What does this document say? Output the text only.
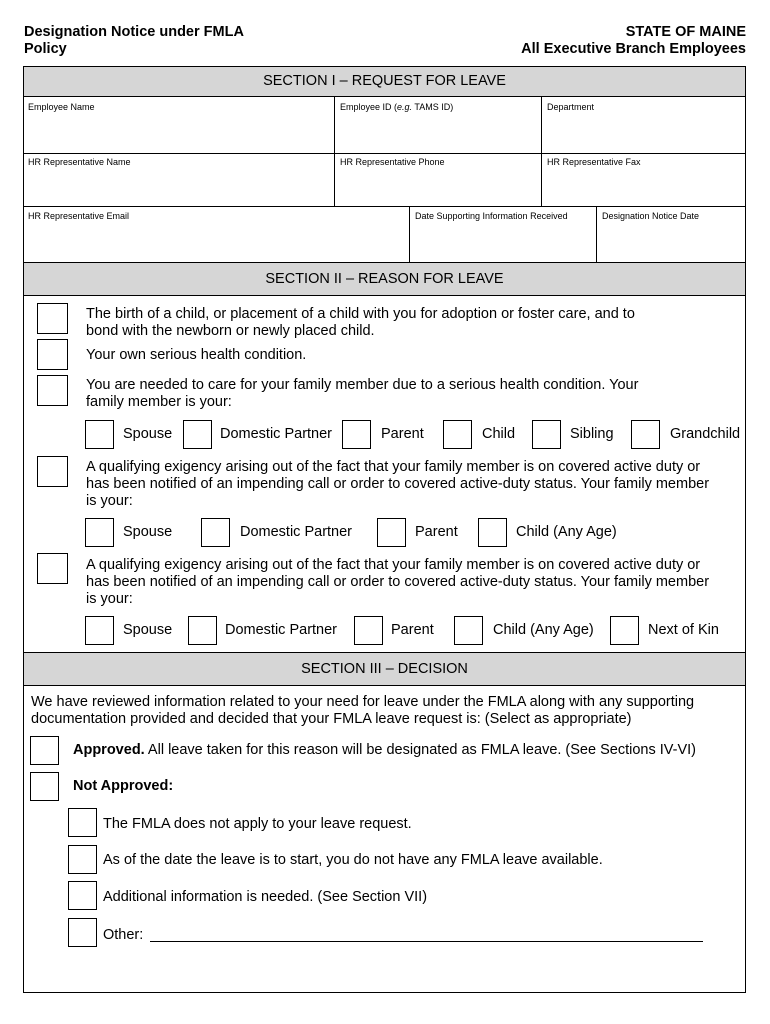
Designation Notice under FMLA
Policy
STATE OF MAINE
All Executive Branch Employees
SECTION I – REQUEST FOR LEAVE
Employee Name	Employee ID (e.g. TAMS ID)	Department
HR Representative Name	HR Representative Phone	HR Representative Fax
HR Representative Email	Date Supporting Information Received	Designation Notice Date
SECTION II – REASON FOR LEAVE
The birth of a child, or placement of a child with you for adoption or foster care, and to
bond with the newborn or newly placed child.
Your own serious health condition.
You are needed to care for your family member due to a serious health condition. Your
family member is your:
Spouse	Domestic Partner	Parent	Child	Sibling	Grandchild
A qualifying exigency arising out of the fact that your family member is on covered active duty or
has been notified of an impending call or order to covered active-duty status. Your family member
is your:
Spouse	Domestic Partner	Parent	Child (Any Age)
A qualifying exigency arising out of the fact that your family member is on covered active duty or
has been notified of an impending call or order to covered active-duty status. Your family member
is your:
Spouse	Domestic Partner	Parent	Child (Any Age)	Next of Kin
SECTION III – DECISION
We have reviewed information related to your need for leave under the FMLA along with any supporting
documentation provided and decided that your FMLA leave request is: (Select as appropriate)
Approved. All leave taken for this reason will be designated as FMLA leave. (See Sections IV-VI)
Not Approved:
The FMLA does not apply to your leave request.
As of the date the leave is to start, you do not have any FMLA leave available.
Additional information is needed. (See Section VII)
Other:
